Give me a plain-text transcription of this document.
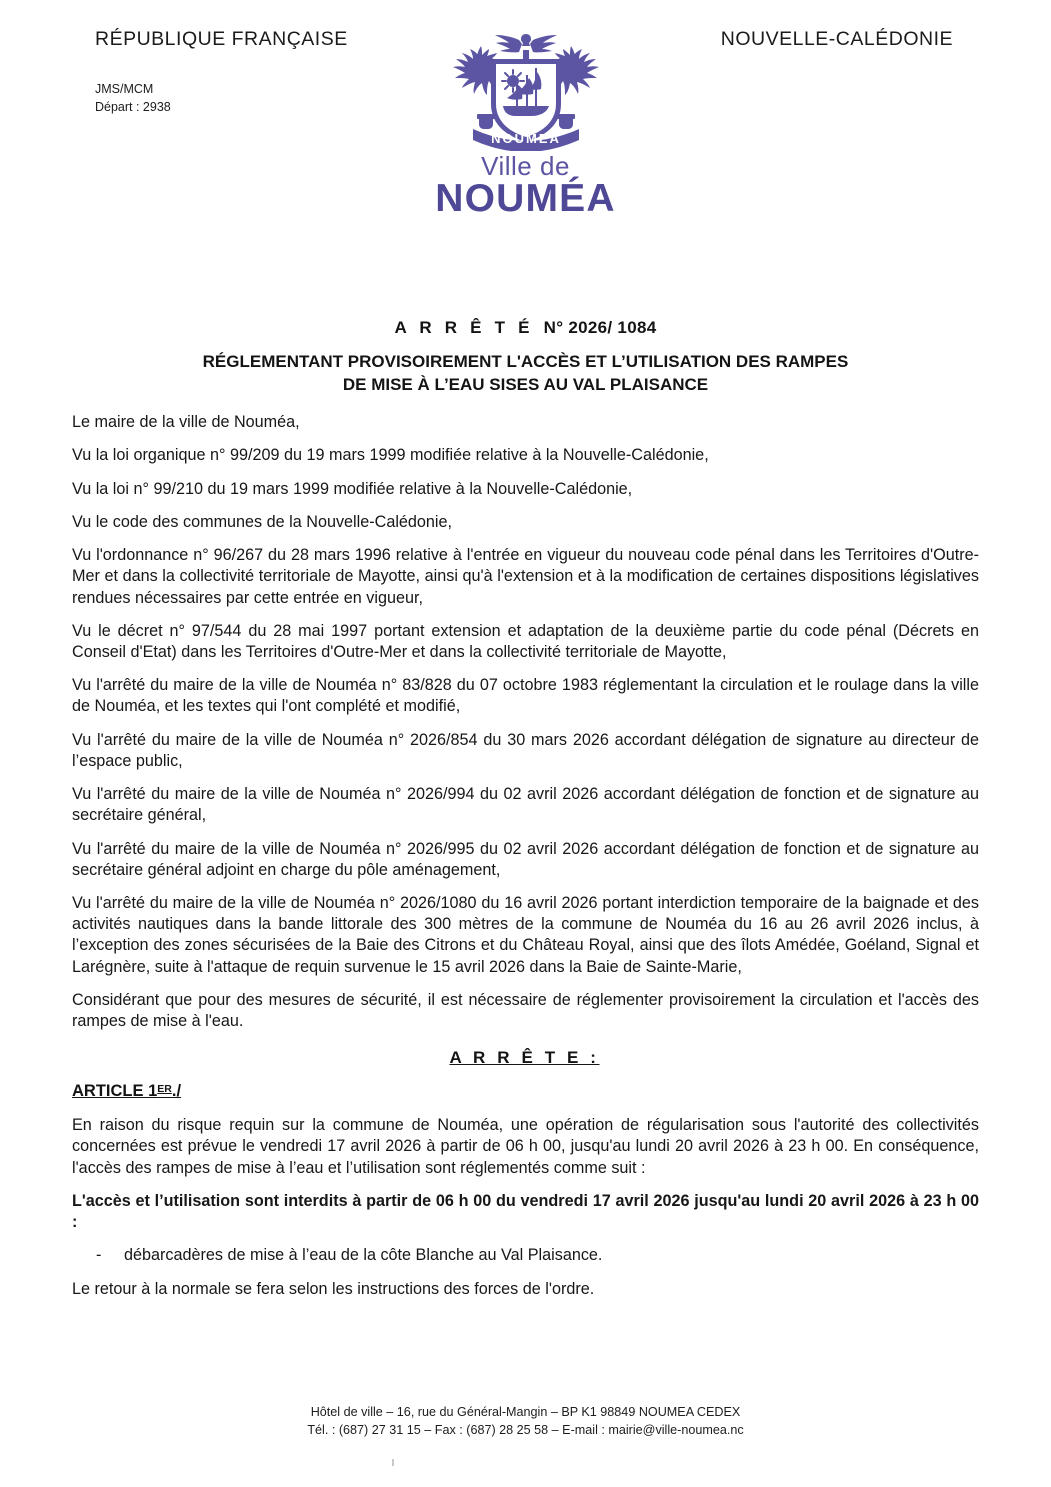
RÉPUBLIQUE FRANÇAISE
JMS/MCM
Départ : 2938
NOUVELLE-CALÉDONIE
NOUMEA
Ville de
NOUMÉA
A R R Ê T É N° 2026/ 1084
RÉGLEMENTANT PROVISOIREMENT L'ACCÈS ET L’UTILISATION DES RAMPES
DE MISE À L’EAU SISES AU VAL PLAISANCE

Le maire de la ville de Nouméa,

Vu la loi organique n° 99/209 du 19 mars 1999 modifiée relative à la Nouvelle-Calédonie,

Vu la loi n° 99/210 du 19 mars 1999 modifiée relative à la Nouvelle-Calédonie,

Vu le code des communes de la Nouvelle-Calédonie,

Vu l'ordonnance n° 96/267 du 28 mars 1996 relative à l'entrée en vigueur du nouveau code pénal dans les Territoires d'Outre-Mer et dans la collectivité territoriale de Mayotte, ainsi qu'à l'extension et à la modification de certaines dispositions législatives rendues nécessaires par cette entrée en vigueur,

Vu le décret n° 97/544 du 28 mai 1997 portant extension et adaptation de la deuxième partie du code pénal (Décrets en Conseil d'Etat) dans les Territoires d'Outre-Mer et dans la collectivité territoriale de Mayotte,

Vu l'arrêté du maire de la ville de Nouméa n° 83/828 du 07 octobre 1983 réglementant la circulation et le roulage dans la ville de Nouméa, et les textes qui l'ont complété et modifié,

Vu l'arrêté du maire de la ville de Nouméa n° 2026/854 du 30 mars 2026 accordant délégation de signature au directeur de l’espace public,

Vu l'arrêté du maire de la ville de Nouméa n° 2026/994 du 02 avril 2026 accordant délégation de fonction et de signature au secrétaire général,

Vu l'arrêté du maire de la ville de Nouméa n° 2026/995 du 02 avril 2026 accordant délégation de fonction et de signature au secrétaire général adjoint en charge du pôle aménagement,

Vu l'arrêté du maire de la ville de Nouméa n° 2026/1080 du 16 avril 2026 portant interdiction temporaire de la baignade et des activités nautiques dans la bande littorale des 300 mètres de la commune de Nouméa du 16 au 26 avril 2026 inclus, à l’exception des zones sécurisées de la Baie des Citrons et du Château Royal, ainsi que des îlots Amédée, Goéland, Signal et Larégnère, suite à l'attaque de requin survenue le 15 avril 2026 dans la Baie de Sainte-Marie,

Considérant que pour des mesures de sécurité, il est nécessaire de réglementer provisoirement la circulation et l'accès des rampes de mise à l'eau.

A R R Ê T E :
ARTICLE 1ER./

En raison du risque requin sur la commune de Nouméa, une opération de régularisation sous l'autorité des collectivités concernées est prévue le vendredi 17 avril 2026 à partir de 06 h 00, jusqu'au lundi 20 avril 2026 à 23 h 00. En conséquence, l'accès des rampes de mise à l’eau et l’utilisation sont réglementés comme suit :

L'accès et l’utilisation sont interdits à partir de 06 h 00 du vendredi 17 avril 2026 jusqu'au lundi 20 avril 2026 à 23 h 00 :

- débarcadères de mise à l’eau de la côte Blanche au Val Plaisance.

Le retour à la normale se fera selon les instructions des forces de l'ordre.

Hôtel de ville – 16, rue du Général-Mangin – BP K1 98849 NOUMEA CEDEX
Tél. : (687) 27 31 15 – Fax : (687) 28 25 58 – E-mail : mairie@ville-noumea.nc
